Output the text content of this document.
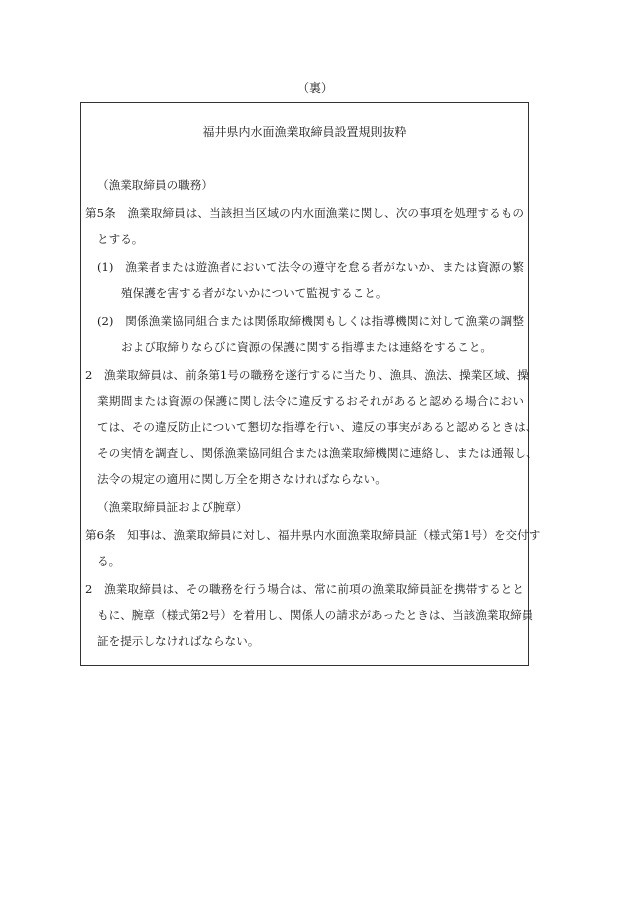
（裏）
福井県内水面漁業取締員設置規則抜粋
（漁業取締員の職務）
第5条　漁業取締員は、当該担当区域の内水面漁業に関し、次の事項を処理するもの
とする。
(1)　漁業者または遊漁者において法令の遵守を怠る者がないか、または資源の繁
殖保護を害する者がないかについて監視すること。
(2)　関係漁業協同組合または関係取締機関もしくは指導機関に対して漁業の調整
および取締りならびに資源の保護に関する指導または連絡をすること。
2　漁業取締員は、前条第1号の職務を遂行するに当たり、漁具、漁法、操業区域、操
業期間または資源の保護に関し法令に違反するおそれがあると認める場合におい
ては、その違反防止について懇切な指導を行い、違反の事実があると認めるときは、
その実情を調査し、関係漁業協同組合または漁業取締機関に連絡し、または通報し、
法令の規定の適用に関し万全を期さなければならない。
（漁業取締員証および腕章）
第6条　知事は、漁業取締員に対し、福井県内水面漁業取締員証（様式第1号）を交付す
る。
2　漁業取締員は、その職務を行う場合は、常に前項の漁業取締員証を携帯するとと
もに、腕章（様式第2号）を着用し、関係人の請求があったときは、当該漁業取締員
証を提示しなければならない。
